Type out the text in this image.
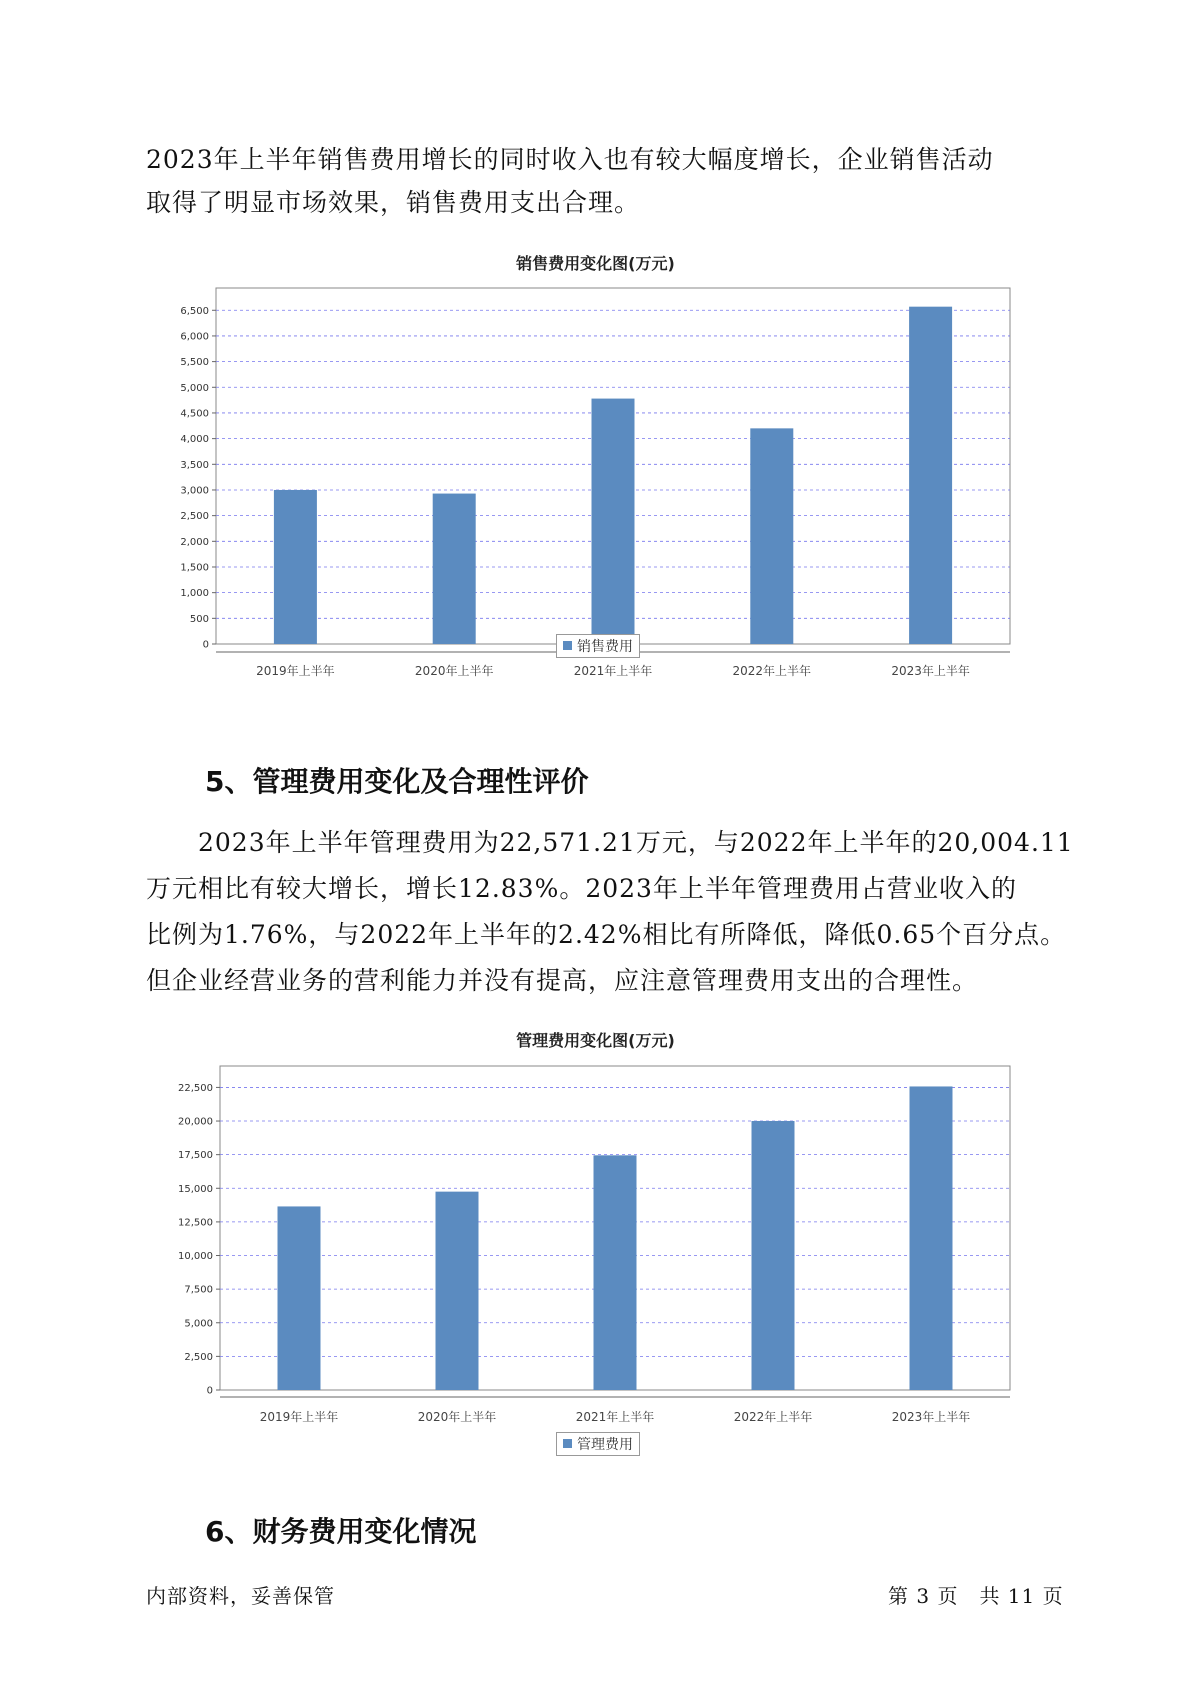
2023年上半年销售费用增长的同时收入也有较大幅度增长，企业销售活动

取得了明显市场效果，销售费用支出合理。

销售费用变化图(万元)
0
500
1,000
1,500
2,000
2,500
3,000
3,500
4,000
4,500
5,000
5,500
6,000
6,500
2019年上半年	2020年上半年	2021年上半年	2022年上半年	2023年上半年
销售费用
5、管理费用变化及合理性评价

　　2023年上半年管理费用为22,571.21万元，与2022年上半年的20,004.11

万元相比有较大增长，增长12.83%。2023年上半年管理费用占营业收入的

比例为1.76%，与2022年上半年的2.42%相比有所降低，降低0.65个百分点。

但企业经营业务的营利能力并没有提高，应注意管理费用支出的合理性。

管理费用变化图(万元)
0
2,500
5,000
7,500
10,000
12,500
15,000
17,500
20,000
22,500
2019年上半年	2020年上半年	2021年上半年	2022年上半年	2023年上半年
管理费用
6、财务费用变化情况
内部资料，妥善保管	第 3 页　共 11 页
